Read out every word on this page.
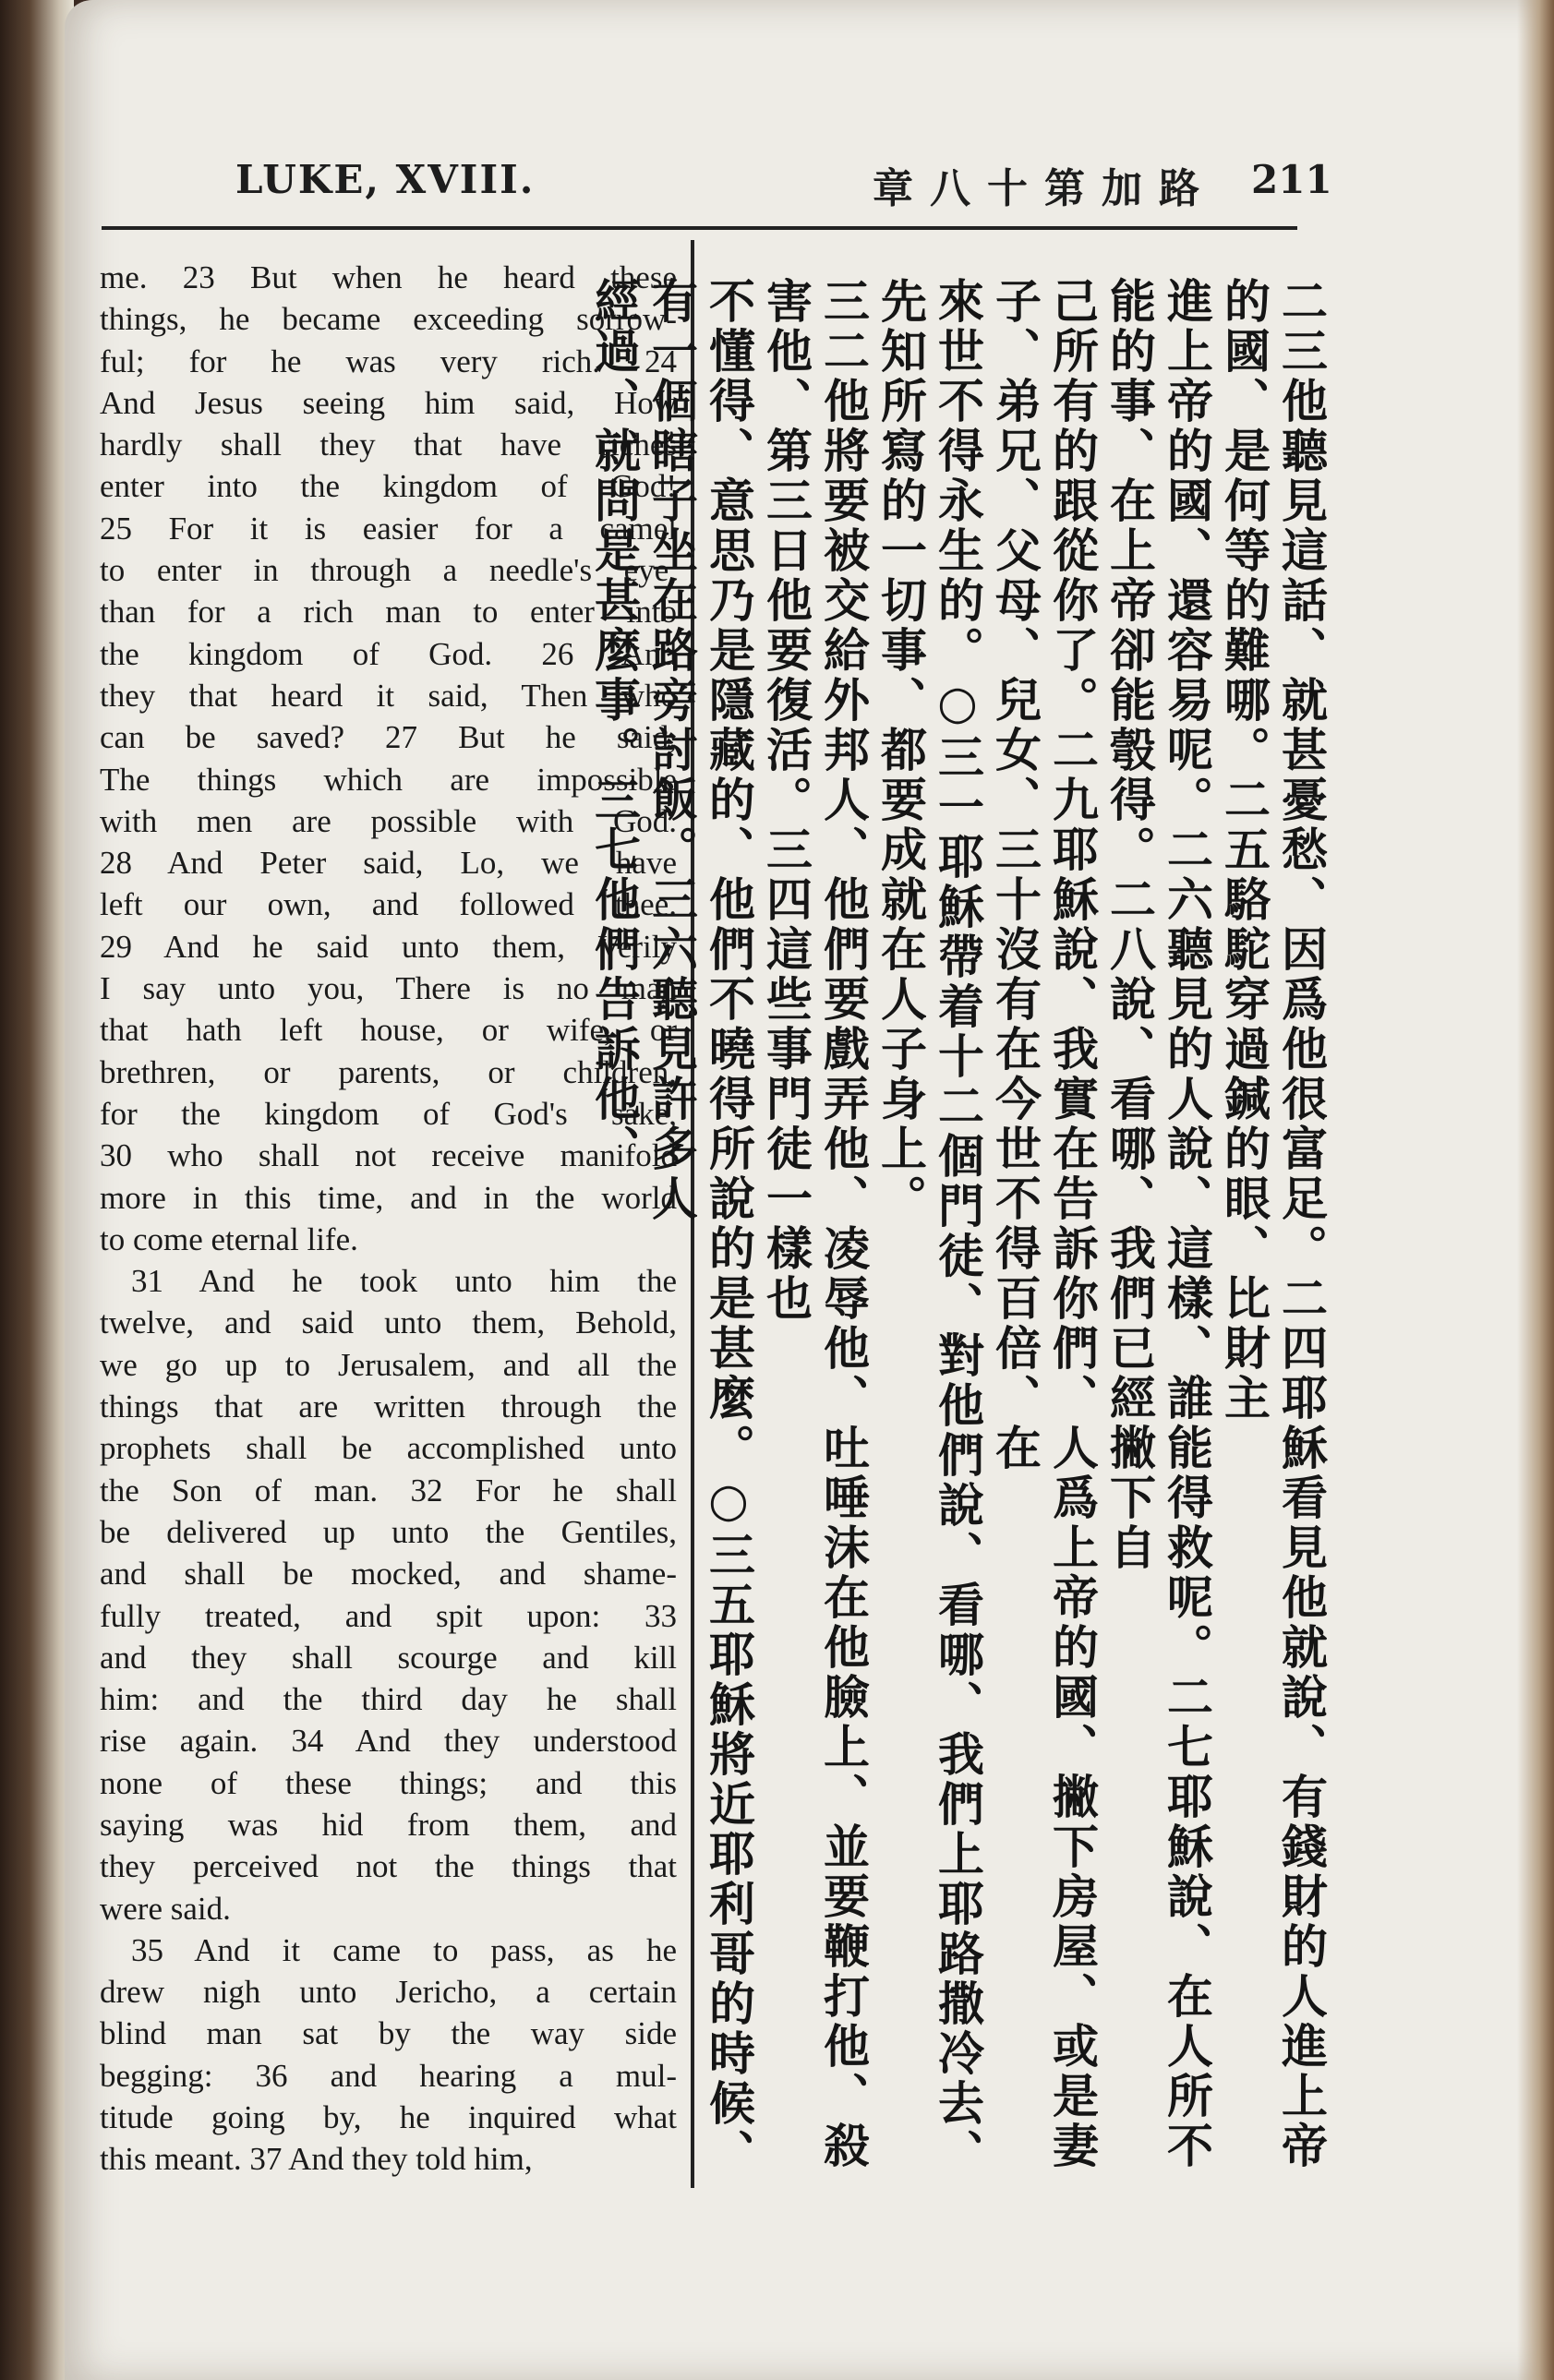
LUKE, XVIII.	章八十第加路 211
me. 23 But when he heard these
things, he became exceeding sorrow-
ful; for he was very rich. 24
And Jesus seeing him said, How
hardly shall they that have riches
enter into the kingdom of God!
25 For it is easier for a camel
to enter in through a needle's eye,
than for a rich man to enter into
the kingdom of God. 26 And
they that heard it said, Then who
can be saved? 27 But he said,
The things which are impossible
with men are possible with God.
28 And Peter said, Lo, we have
left our own, and followed thee.
29 And he said unto them, Verily
I say unto you, There is no man
that hath left house, or wife, or
brethren, or parents, or children,
for the kingdom of God's sake,
30 who shall not receive manifold
more in this time, and in the world
to come eternal life.
31 And he took unto him the
twelve, and said unto them, Behold,
we go up to Jerusalem, and all the
things that are written through the
prophets shall be accomplished unto
the Son of man. 32 For he shall
be delivered up unto the Gentiles,
and shall be mocked, and shame-
fully treated, and spit upon: 33
and they shall scourge and kill
him: and the third day he shall
rise again. 34 And they understood
none of these things; and this
saying was hid from them, and
they perceived not the things that
were said.
35 And it came to pass, as he
drew nigh unto Jericho, a certain
blind man sat by the way side
begging: 36 and hearing a mul-
titude going by, he inquired what
this meant. 37 And they told him,	二三他聽見這話、就甚憂愁、因爲他很富足。二四耶穌看見他就說、有錢財的人進上帝的國、是何等的難哪。二五駱駝穿過鍼的眼、比財主
進上帝的國、還容易呢。二六聽見的人說、這樣、誰能得救呢。二七耶穌說、在人所不能的事、在上帝卻能彀得。二八說、看哪、我們已經撇下自
己所有的跟從你了。二九耶穌說、我實在告訴你們、人爲上帝的國、撇下房屋、或是妻子、弟兄、父母、兒女、三十沒有在今世不得百倍、在
來世不得永生的。○三一耶穌帶着十二個門徒、對他們說、看哪、我們上耶路撒冷去、先知所寫的一切事、都要成就在人子身上。
三二他將要被交給外邦人、他們要戲弄他、凌辱他、吐唾沫在他臉上、並要鞭打他、殺害他、第三日他要復活。三四這些事門徒一樣也
不懂得、意思乃是隱藏的、他們不曉得所說的是甚麼。○三五耶穌將近耶利哥的時候、有一個瞎子坐在路旁討飯。三六聽見許多人
經過、就問是甚麼事。三七他們告訴他、
